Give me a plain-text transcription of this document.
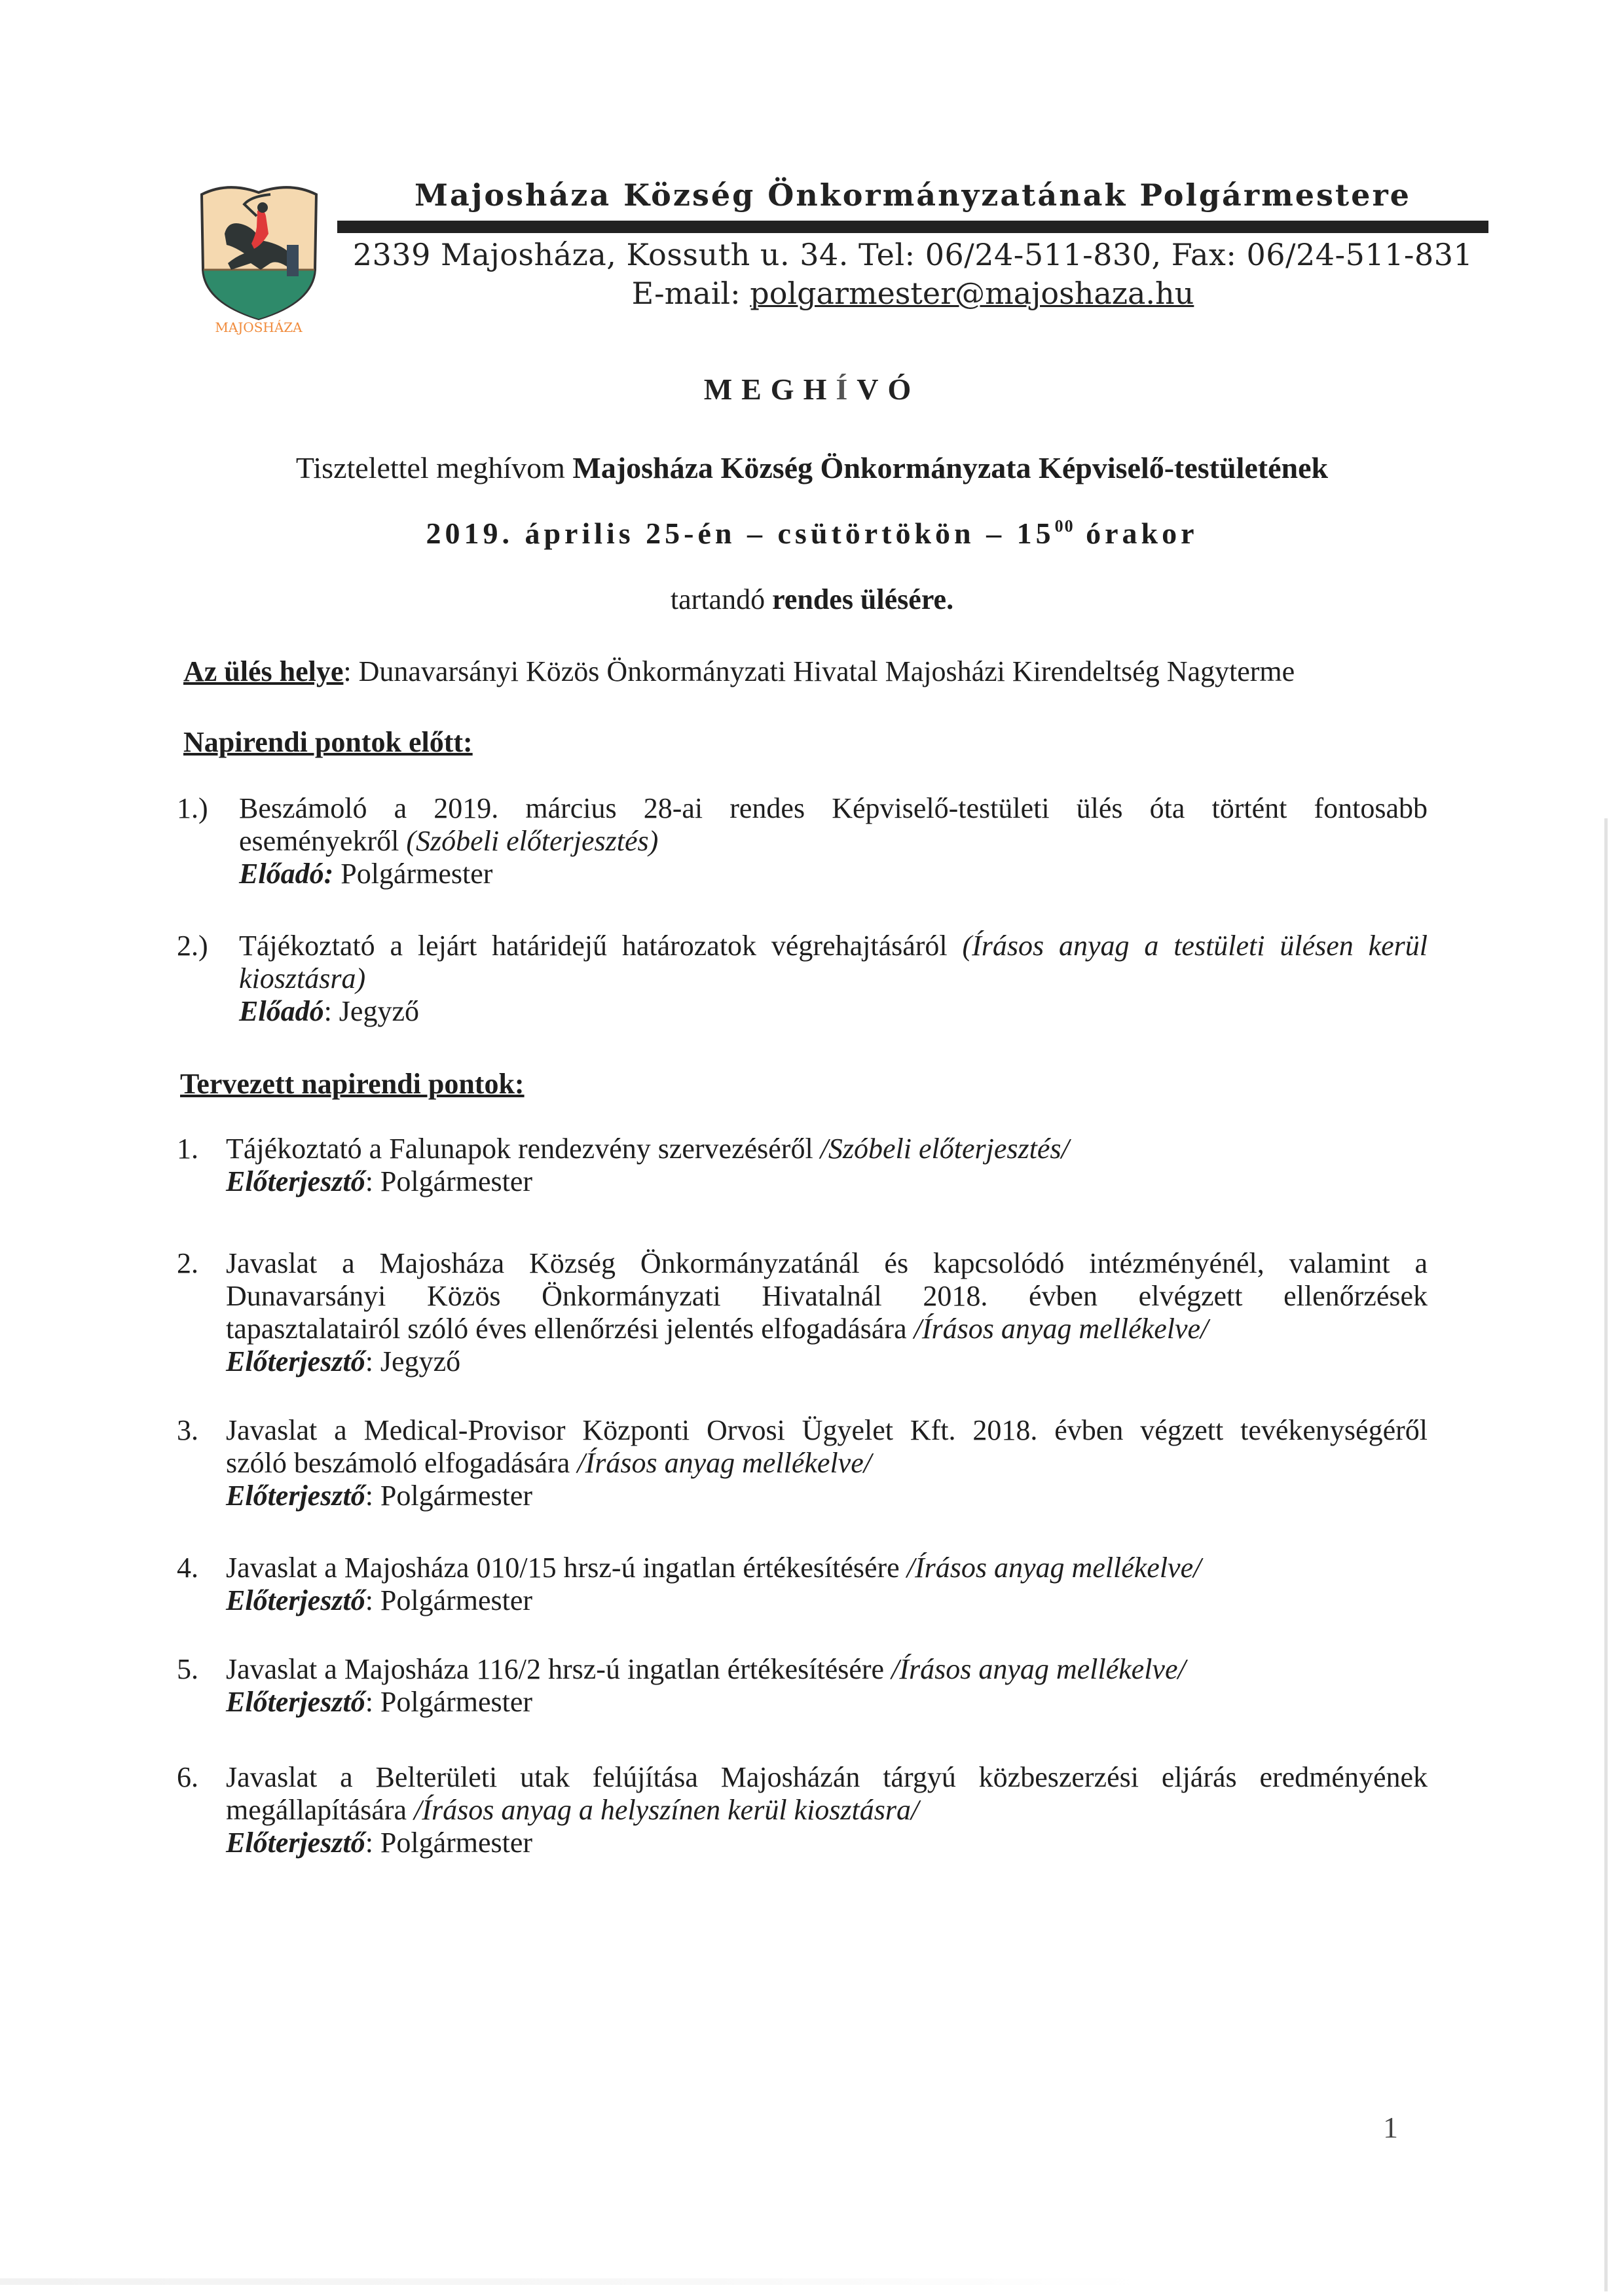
MAJOSHÁZA
Majosháza Község Önkormányzatának Polgármestere
2339 Majosháza, Kossuth u. 34. Tel: 06/24-511-830, Fax: 06/24-511-831
E-mail: polgarmester@majoshaza.hu
MEGHÍVÓ
Tisztelettel meghívom Majosháza Község Önkormányzata Képviselő-testületének
2019. április 25-én – csütörtökön – $15^{00}$ órakor
tartandó rendes ülésére.
Az ülés helye: Dunavarsányi Közös Önkormányzati Hivatal Majosházi Kirendeltség Nagyterme
Napirendi pontok előtt:
1.)	Beszámoló a 2019. március 28-ai rendes Képviselő-testületi ülés óta történt fontosabb
eseményekről (Szóbeli előterjesztés)
Előadó: Polgármester
2.)	Tájékoztató a lejárt határidejű határozatok végrehajtásáról (Írásos anyag a testületi ülésen kerül
kiosztásra)
Előadó: Jegyző
Tervezett napirendi pontok:
1. Tájékoztató a Falunapok rendezvény szervezéséről /Szóbeli előterjesztés/
Előterjesztő: Polgármester
2. Javaslat a Majosháza Község Önkormányzatánál és kapcsolódó intézményénél, valamint a
Dunavarsányi Közös Önkormányzati Hivatalnál 2018. évben elvégzett ellenőrzések
tapasztalatairól szóló éves ellenőrzési jelentés elfogadására /Írásos anyag mellékelve/
Előterjesztő: Jegyző
3. Javaslat a Medical-Provisor Központi Orvosi Ügyelet Kft. 2018. évben végzett tevékenységéről
szóló beszámoló elfogadására /Írásos anyag mellékelve/
Előterjesztő: Polgármester
4. Javaslat a Majosháza 010/15 hrsz-ú ingatlan értékesítésére /Írásos anyag mellékelve/
Előterjesztő: Polgármester
5. Javaslat a Majosháza 116/2 hrsz-ú ingatlan értékesítésére /Írásos anyag mellékelve/
Előterjesztő: Polgármester
6. Javaslat a Belterületi utak felújítása Majosházán tárgyú közbeszerzési eljárás eredményének
megállapítására /Írásos anyag a helyszínen kerül kiosztásra/
Előterjesztő: Polgármester
1
